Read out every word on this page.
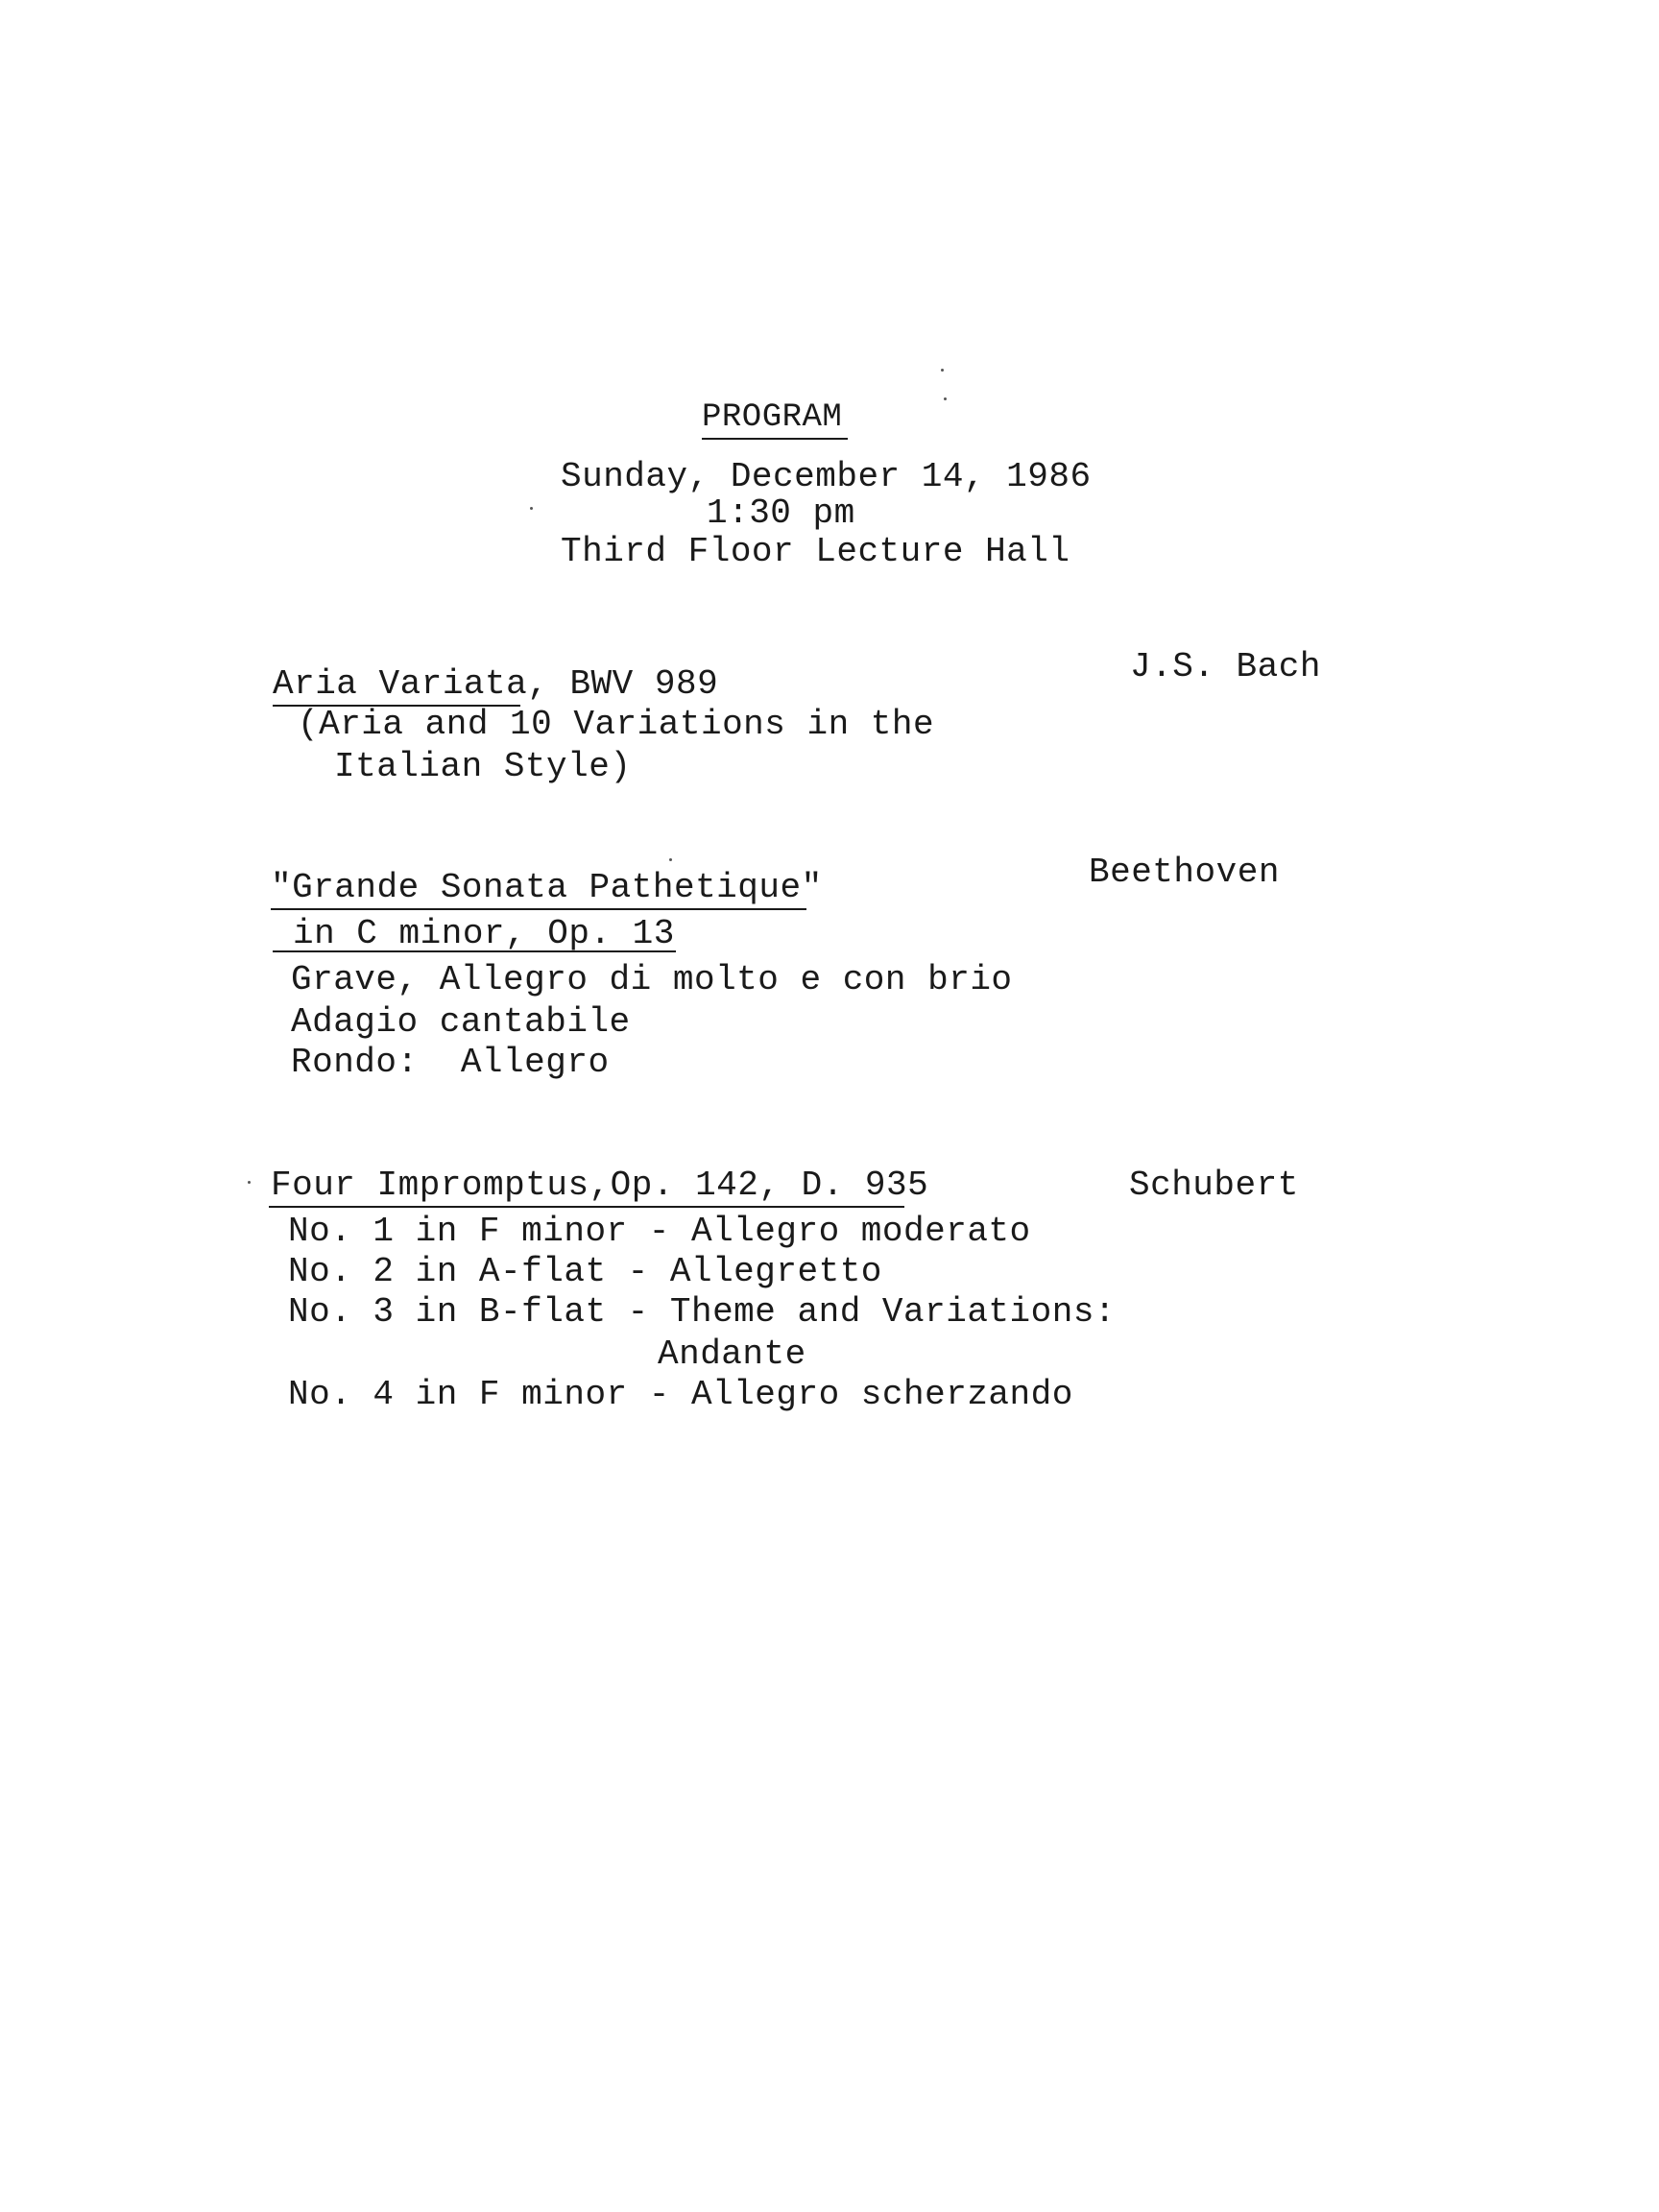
PROGRAM
Sunday, December 14, 1986
1:30 pm
Third Floor Lecture Hall
Aria Variata, BWV 989	J.S. Bach
(Aria and 10 Variations in the
Italian Style)
"Grande Sonata Pathetique"	Beethoven
in C minor, Op. 13
Grave, Allegro di molto e con brio
Adagio cantabile
Rondo:  Allegro
Four Impromptus,Op. 142, D. 935	Schubert
No. 1 in F minor - Allegro moderato
No. 2 in A-flat - Allegretto
No. 3 in B-flat - Theme and Variations:
Andante
No. 4 in F minor - Allegro scherzando
